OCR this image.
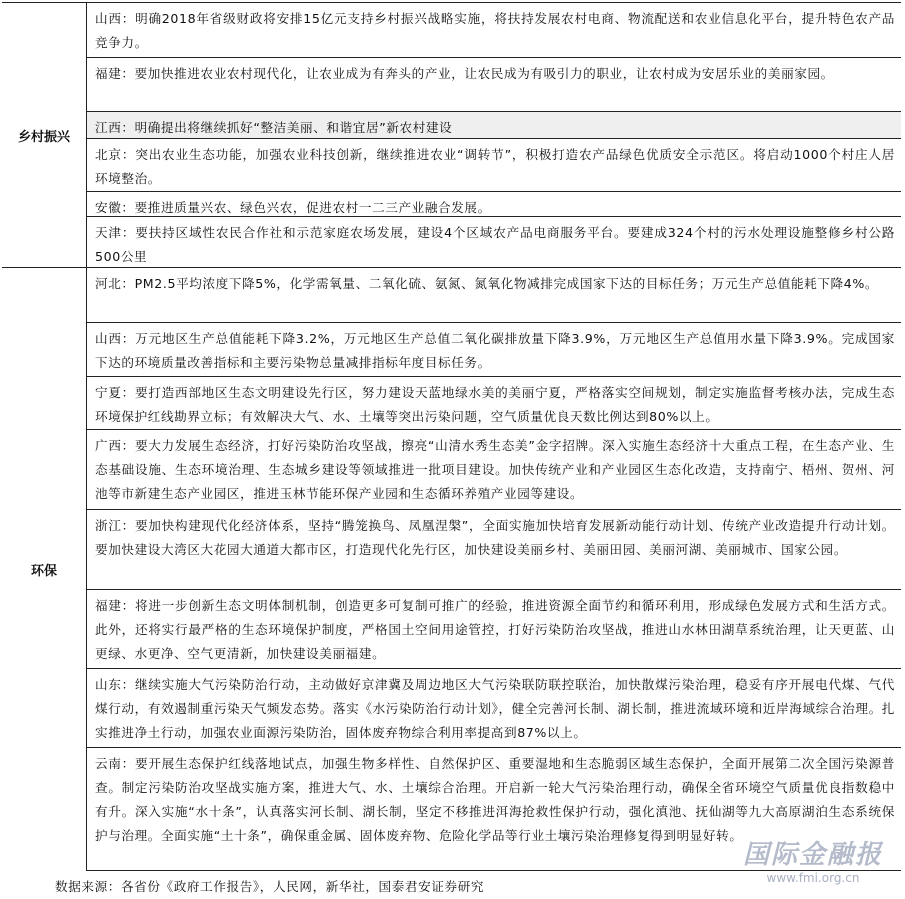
乡村振兴
山西：明确2018年省级财政将安排15亿元支持乡村振兴战略实施，将扶持发展农村电商、物流配送和农业信息化平台，提升特色农产品竞争力。
福建：要加快推进农业农村现代化，让农业成为有奔头的产业，让农民成为有吸引力的职业，让农村成为安居乐业的美丽家园。
江西：明确提出将继续抓好“整洁美丽、和谐宜居”新农村建设
北京：突出农业生态功能，加强农业科技创新，继续推进农业“调转节”，积极打造农产品绿色优质安全示范区。将启动1000个村庄人居环境整治。
安徽：要推进质量兴农、绿色兴农，促进农村一二三产业融合发展。
天津：要扶持区域性农民合作社和示范家庭农场发展，建设4个区域农产品电商服务平台。要建成324个村的污水处理设施整修乡村公路500公里
环保
河北：PM2.5平均浓度下降5%，化学需氧量、二氧化硫、氨氮、氮氧化物减排完成国家下达的目标任务；万元生产总值能耗下降4%。
山西：万元地区生产总值能耗下降3.2%，万元地区生产总值二氧化碳排放量下降3.9%，万元地区生产总值用水量下降3.9%。完成国家下达的环境质量改善指标和主要污染物总量减排指标年度目标任务。
宁夏：要打造西部地区生态文明建设先行区，努力建设天蓝地绿水美的美丽宁夏，严格落实空间规划，制定实施监督考核办法，完成生态环境保护红线勘界立标；有效解决大气、水、土壤等突出污染问题，空气质量优良天数比例达到80%以上。
广西：要大力发展生态经济，打好污染防治攻坚战，擦亮“山清水秀生态美”金字招牌。深入实施生态经济十大重点工程，在生态产业、生态基础设施、生态环境治理、生态城乡建设等领域推进一批项目建设。加快传统产业和产业园区生态化改造，支持南宁、梧州、贺州、河池等市新建生态产业园区，推进玉林节能环保产业园和生态循环养殖产业园等建设。
浙江：要加快构建现代化经济体系，坚持“腾笼换鸟、凤凰涅槃”，全面实施加快培育发展新动能行动计划、传统产业改造提升行动计划。要加快建设大湾区大花园大通道大都市区，打造现代化先行区，加快建设美丽乡村、美丽田园、美丽河湖、美丽城市、国家公园。
福建：将进一步创新生态文明体制机制，创造更多可复制可推广的经验，推进资源全面节约和循环利用，形成绿色发展方式和生活方式。此外，还将实行最严格的生态环境保护制度，严格国土空间用途管控，打好污染防治攻坚战，推进山水林田湖草系统治理，让天更蓝、山更绿、水更净、空气更清新，加快建设美丽福建。
山东：继续实施大气污染防治行动，主动做好京津冀及周边地区大气污染联防联控联治，加快散煤污染治理，稳妥有序开展电代煤、气代煤行动，有效遏制重污染天气频发态势。落实《水污染防治行动计划》，健全完善河长制、湖长制，推进流域环境和近岸海域综合治理。扎实推进净土行动，加强农业面源污染防治，固体废弃物综合利用率提高到87%以上。
云南：要开展生态保护红线落地试点，加强生物多样性、自然保护区、重要湿地和生态脆弱区域生态保护，全面开展第二次全国污染源普查。制定污染防治攻坚战实施方案，推进大气、水、土壤综合治理。开启新一轮大气污染治理行动，确保全省环境空气质量优良指数稳中有升。深入实施“水十条”，认真落实河长制、湖长制，坚定不移推进洱海抢救性保护行动，强化滇池、抚仙湖等九大高原湖泊生态系统保护与治理。全面实施“土十条”，确保重金属、固体废弃物、危险化学品等行业土壤污染治理修复得到明显好转。
数据来源：各省份《政府工作报告》，人民网，新华社，国泰君安证券研究
国际金融报
www.fmi.org.cn
